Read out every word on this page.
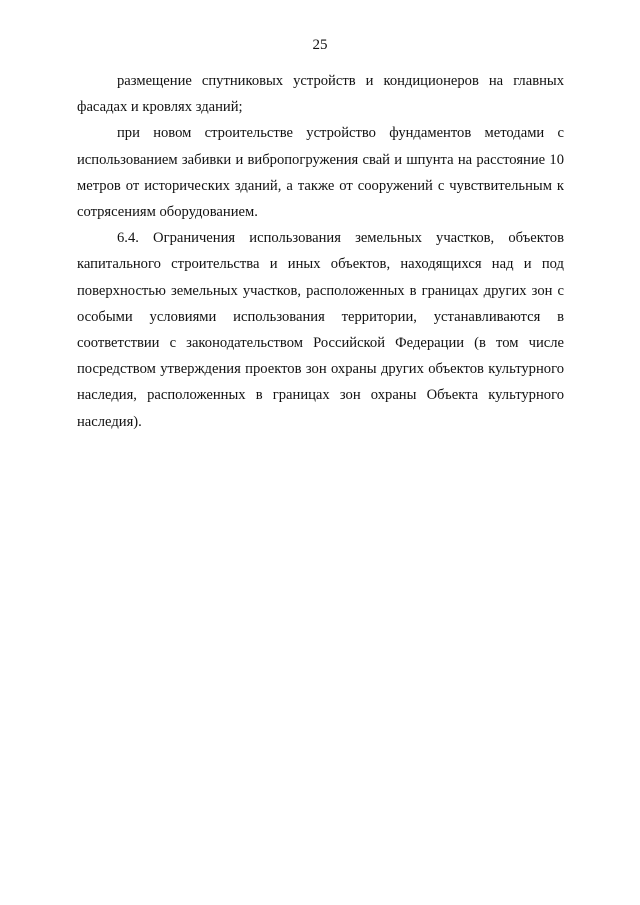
25

размещение спутниковых устройств и кондиционеров на главных фасадах и кровлях зданий;

при новом строительстве устройство фундаментов методами с использованием забивки и вибропогружения свай и шпунта на расстояние 10 метров от исторических зданий, а также от сооружений с чувствительным к сотрясениям оборудованием.

6.4. Ограничения использования земельных участков, объектов капитального строительства и иных объектов, находящихся над и под поверхностью земельных участков, расположенных в границах других зон с особыми условиями использования территории, устанавливаются в соответствии с законодательством Российской Федерации (в том числе посредством утверждения проектов зон охраны других объектов культурного наследия, расположенных в границах зон охраны Объекта культурного наследия).
